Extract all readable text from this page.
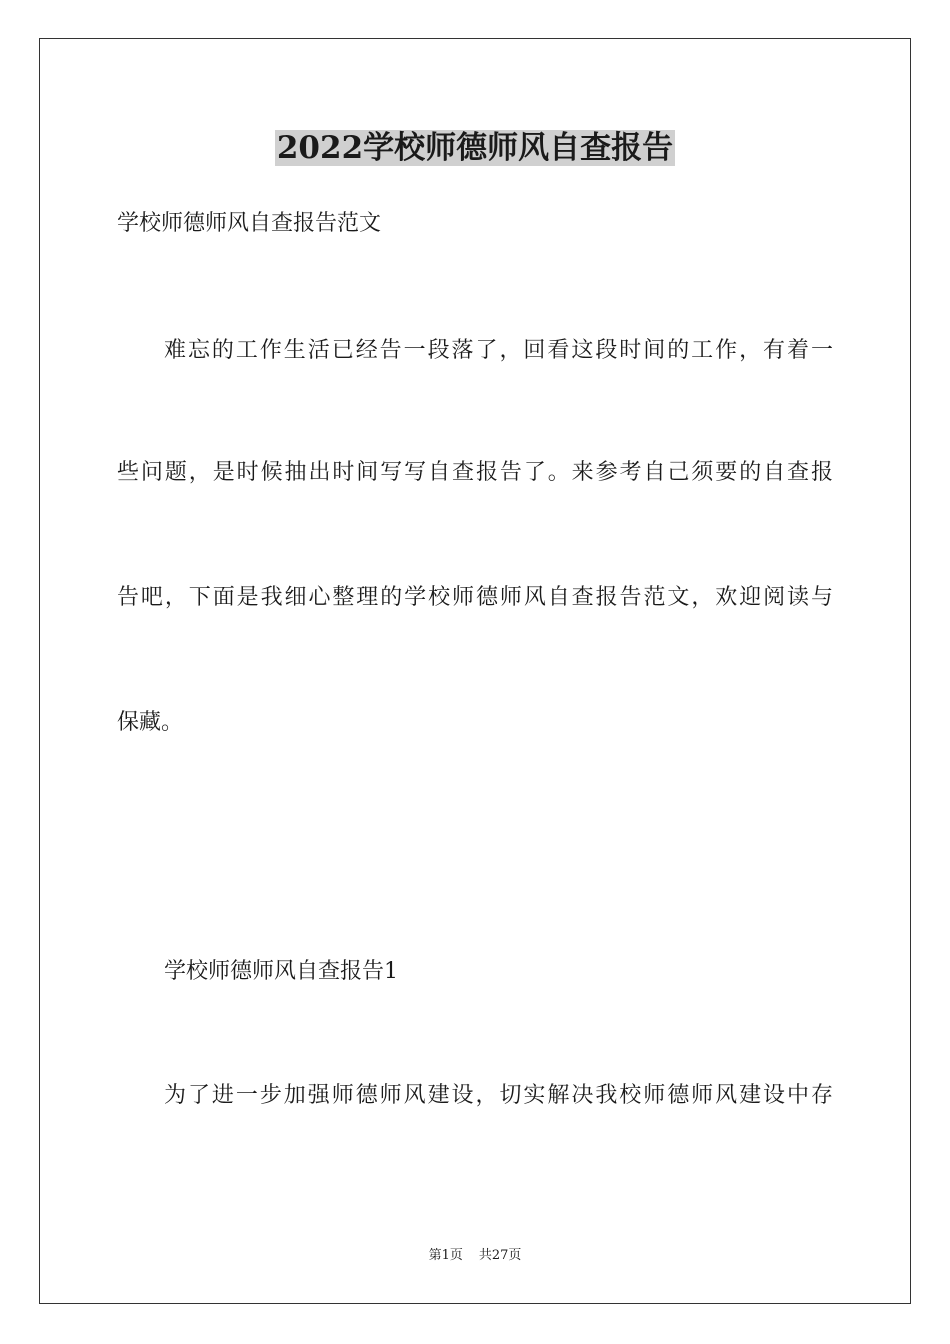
2022学校师德师风自查报告
学校师德师风自查报告范文
难忘的工作生活已经告一段落了，回看这段时间的工作，有着一
些问题，是时候抽出时间写写自查报告了。来参考自己须要的自查报
告吧，下面是我细心整理的学校师德师风自查报告范文，欢迎阅读与
保藏。
学校师德师风自查报告1
为了进一步加强师德师风建设，切实解决我校师德师风建设中存
第1页 共27页
